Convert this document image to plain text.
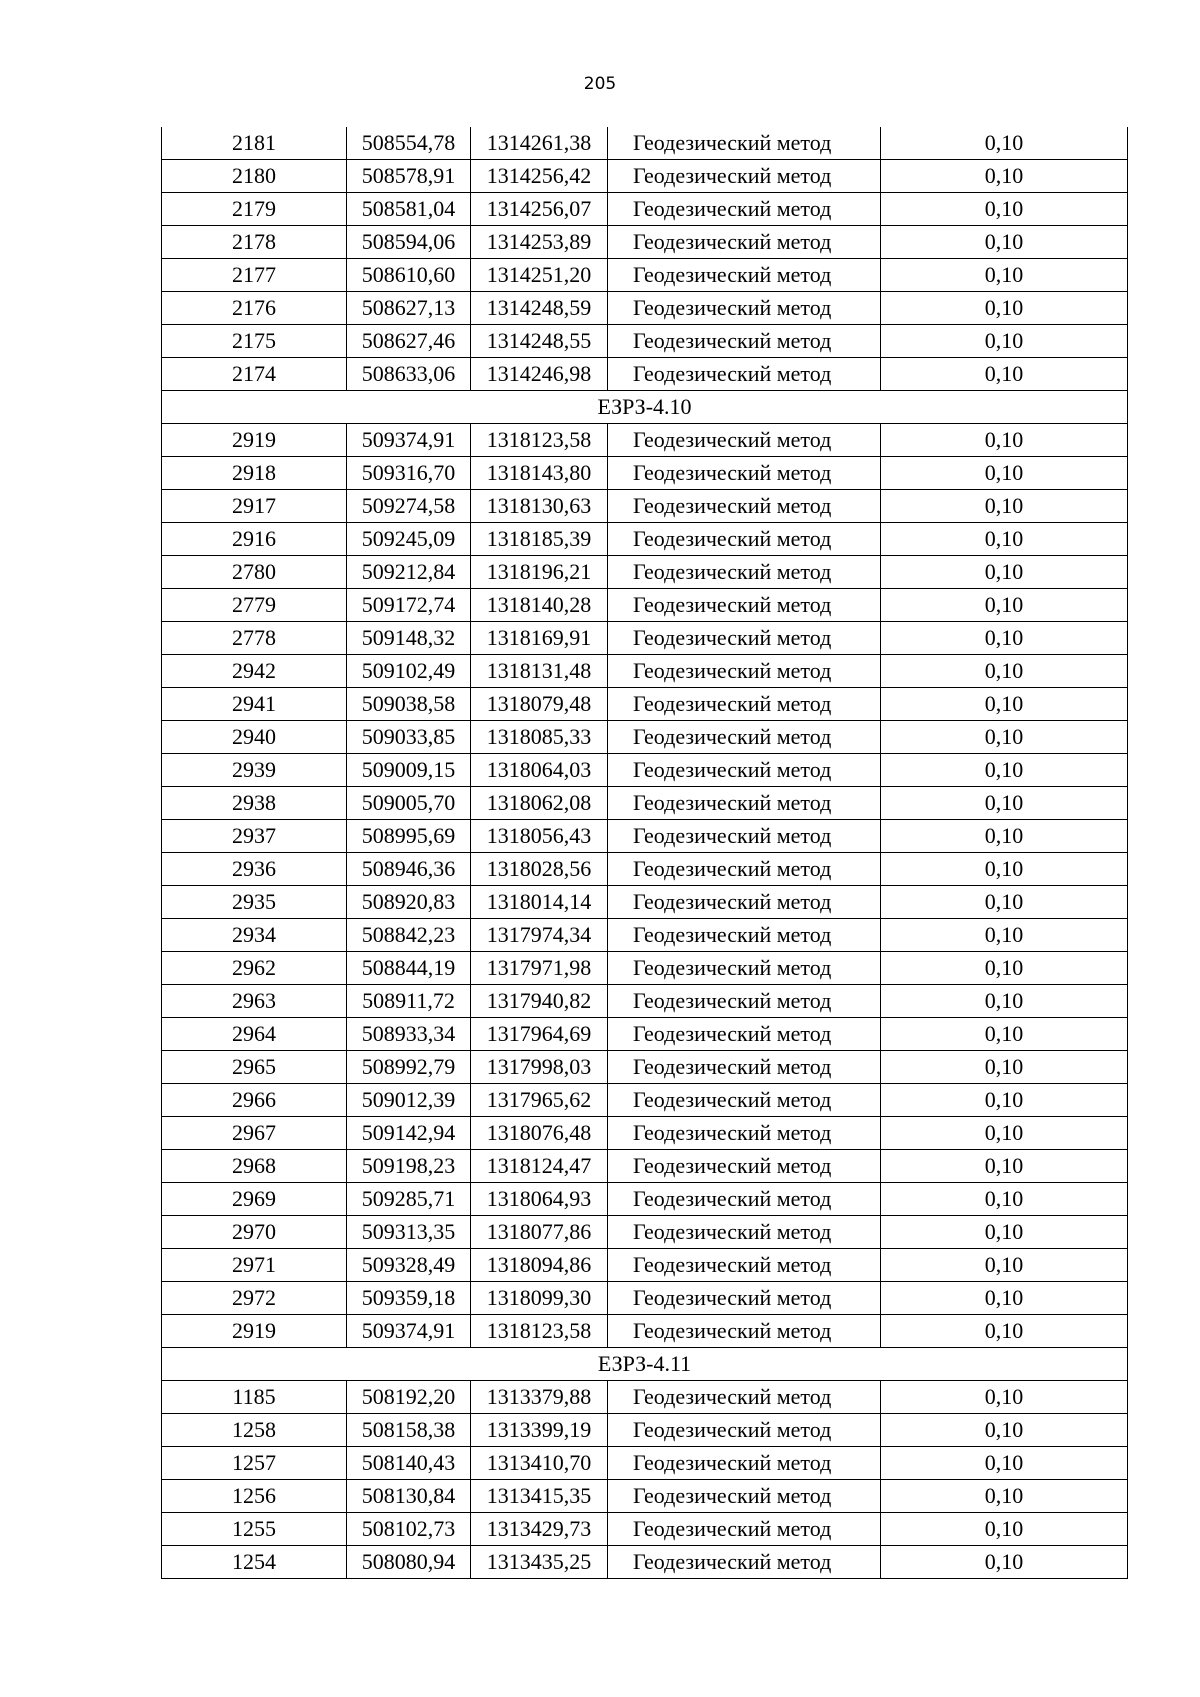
205
2181	508554,78	1314261,38	Геодезический метод	0,10
2180	508578,91	1314256,42	Геодезический метод	0,10
2179	508581,04	1314256,07	Геодезический метод	0,10
2178	508594,06	1314253,89	Геодезический метод	0,10
2177	508610,60	1314251,20	Геодезический метод	0,10
2176	508627,13	1314248,59	Геодезический метод	0,10
2175	508627,46	1314248,55	Геодезический метод	0,10
2174	508633,06	1314246,98	Геодезический метод	0,10
ЕЗРЗ-4.10				
2919	509374,91	1318123,58	Геодезический метод	0,10
2918	509316,70	1318143,80	Геодезический метод	0,10
2917	509274,58	1318130,63	Геодезический метод	0,10
2916	509245,09	1318185,39	Геодезический метод	0,10
2780	509212,84	1318196,21	Геодезический метод	0,10
2779	509172,74	1318140,28	Геодезический метод	0,10
2778	509148,32	1318169,91	Геодезический метод	0,10
2942	509102,49	1318131,48	Геодезический метод	0,10
2941	509038,58	1318079,48	Геодезический метод	0,10
2940	509033,85	1318085,33	Геодезический метод	0,10
2939	509009,15	1318064,03	Геодезический метод	0,10
2938	509005,70	1318062,08	Геодезический метод	0,10
2937	508995,69	1318056,43	Геодезический метод	0,10
2936	508946,36	1318028,56	Геодезический метод	0,10
2935	508920,83	1318014,14	Геодезический метод	0,10
2934	508842,23	1317974,34	Геодезический метод	0,10
2962	508844,19	1317971,98	Геодезический метод	0,10
2963	508911,72	1317940,82	Геодезический метод	0,10
2964	508933,34	1317964,69	Геодезический метод	0,10
2965	508992,79	1317998,03	Геодезический метод	0,10
2966	509012,39	1317965,62	Геодезический метод	0,10
2967	509142,94	1318076,48	Геодезический метод	0,10
2968	509198,23	1318124,47	Геодезический метод	0,10
2969	509285,71	1318064,93	Геодезический метод	0,10
2970	509313,35	1318077,86	Геодезический метод	0,10
2971	509328,49	1318094,86	Геодезический метод	0,10
2972	509359,18	1318099,30	Геодезический метод	0,10
2919	509374,91	1318123,58	Геодезический метод	0,10
ЕЗРЗ-4.11				
1185	508192,20	1313379,88	Геодезический метод	0,10
1258	508158,38	1313399,19	Геодезический метод	0,10
1257	508140,43	1313410,70	Геодезический метод	0,10
1256	508130,84	1313415,35	Геодезический метод	0,10
1255	508102,73	1313429,73	Геодезический метод	0,10
1254	508080,94	1313435,25	Геодезический метод	0,10
